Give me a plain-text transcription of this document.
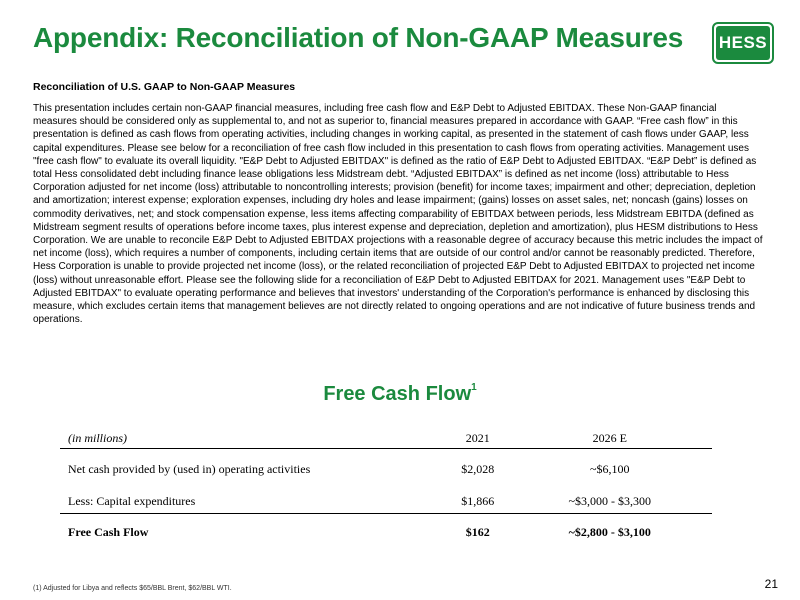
Appendix: Reconciliation of Non-GAAP Measures HESS
Reconciliation of U.S. GAAP to Non-GAAP Measures

This presentation includes certain non-GAAP financial measures, including free cash flow and E&P Debt to Adjusted EBITDAX. These Non-GAAP financial measures should be considered only as supplemental to, and not as superior to, financial measures prepared in accordance with GAAP. “Free cash flow” in this presentation is defined as cash flows from operating activities, including changes in working capital, as presented in the statement of cash flows under GAAP, less capital expenditures. Please see below for a reconciliation of free cash flow included in this presentation to cash flows from operating activities. Management uses "free cash flow" to evaluate its overall liquidity. "E&P Debt to Adjusted EBITDAX" is defined as the ratio of E&P Debt to Adjusted EBITDAX. “E&P Debt” is defined as total Hess consolidated debt including finance lease obligations less Midstream debt. “Adjusted EBITDAX” is defined as net income (loss) attributable to Hess Corporation adjusted for net income (loss) attributable to noncontrolling interests; provision (benefit) for income taxes; impairment and other; depreciation, depletion and amortization; interest expense; exploration expenses, including dry holes and lease impairment; (gains) losses on asset sales, net; noncash (gains) losses on commodity derivatives, net; and stock compensation expense, less items affecting comparability of EBITDAX between periods, less Midstream EBITDA (defined as Midstream segment results of operations before income taxes, plus interest expense and depreciation, depletion and amortization), plus HESM distributions to Hess Corporation. We are unable to reconcile E&P Debt to Adjusted EBITDAX projections with a reasonable degree of accuracy because this metric includes the impact of net income (loss), which requires a number of components, including certain items that are outside of our control and/or cannot be reasonably predicted. Therefore, Hess Corporation is unable to provide projected net income (loss), or the related reconciliation of projected E&P Debt to Adjusted EBITDAX to projected net income (loss) without unreasonable effort. Please see the following slide for a reconciliation of E&P Debt to Adjusted EBITDAX for 2021. Management uses "E&P Debt to Adjusted EBITDAX" to evaluate operating performance and believes that investors' understanding of the Corporation's performance is enhanced by disclosing this measure, which excludes certain items that management believes are not directly related to ongoing operations and are not indicative of future business trends and operations.

Free Cash Flow$^1$
(in millions)	2021	2026 E
Net cash provided by (used in) operating activities	$2,028	~$6,100
Less: Capital expenditures	$1,866	~$3,000 - $3,300
Free Cash Flow	$162	~$2,800 - $3,100
(1) Adjusted for Libya and reflects $65/BBL Brent, $62/BBL WTI.	21
